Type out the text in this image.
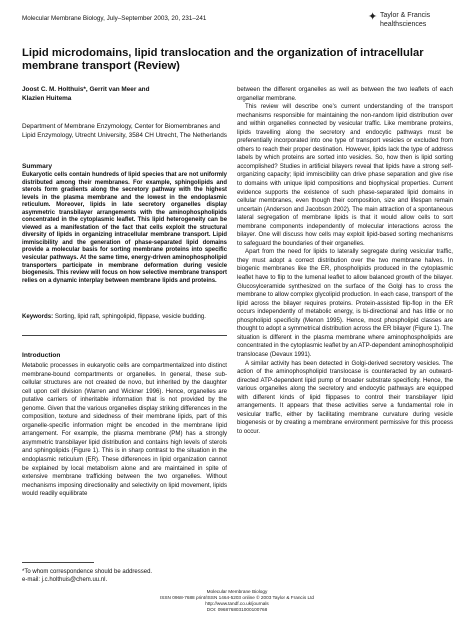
Molecular Membrane Biology, July–September 2003, 20, 231–241	✦ Taylor & Francis
healthsciences
Lipid microdomains, lipid translocation and the organization of intracellular membrane transport (Review)
Joost C. M. Holthuis*, Gerrit van Meer and
Klazien Huitema
Department of Membrane Enzymology, Center for Biomembranes and Lipid Enzymology, Utrecht University, 3584 CH Utrecht, The Netherlands
Summary
Eukaryotic cells contain hundreds of lipid species that are not uniformly distributed among their membranes. For example, sphingolipids and sterols form gradients along the secretory pathway with the highest levels in the plasma membrane and the lowest in the endoplasmic reticulum. Moreover, lipids in late secretory organelles display asymmetric transbilayer arrangements with the aminophospholipids concentrated in the cytoplasmic leaflet. This lipid heterogeneity can be viewed as a manifestation of the fact that cells exploit the structural diversity of lipids in organizing intracellular membrane transport. Lipid immiscibility and the generation of phase-separated lipid domains provide a molecular basis for sorting membrane proteins into specific vesicular pathways. At the same time, energy-driven aminophospholipid transporters participate in membrane deformation during vesicle biogenesis. This review will focus on how selective membrane transport relies on a dynamic interplay between membrane lipids and proteins.
Keywords: Sorting, lipid raft, sphingolipid, flippase, vesicle budding.
Introduction
Metabolic processes in eukaryotic cells are compartmentalized into distinct membrane-bound compartments or organelles. In general, these sub-cellular structures are not created de novo, but inherited by the daughter cell upon cell division (Warren and Wickner 1996). Hence, organelles are putative carriers of inheritable information that is not provided by the genome. Given that the various organelles display striking differences in the composition, texture and sidedness of their membrane lipids, part of this organelle-specific information might be encoded in the membrane lipid arrangement. For example, the plasma membrane (PM) has a strongly asymmetric transbilayer lipid distribution and contains high levels of sterols and sphingolipids (Figure 1). This is in sharp contrast to the situation in the endoplasmic reticulum (ER). These differences in lipid organization cannot be explained by local metabolism alone and are maintained in spite of extensive membrane trafficking between the two organelles. Without mechanisms imposing directionality and selectivity on lipid movement, lipids would readily equilibrate
*To whom correspondence should be addressed.
e-mail: j.c.holthuis@chem.uu.nl.

between the different organelles as well as between the two leaflets of each organellar membrane.

This review will describe one’s current understanding of the transport mechanisms responsible for maintaining the non-random lipid distribution over and within organelles connected by vesicular traffic. Like membrane proteins, lipids travelling along the secretory and endocytic pathways must be preferentially incorporated into one type of transport vesicles or excluded from others to reach their proper destination. However, lipids lack the type of address labels by which proteins are sorted into vesicles. So, how then is lipid sorting accomplished? Studies in artificial bilayers reveal that lipids have a strong self-organizing capacity; lipid immiscibility can drive phase separation and give rise to domains with unique lipid compositions and biophysical properties. Current evidence supports the existence of such phase-separated lipid domains in cellular membranes, even though their composition, size and lifespan remain uncertain (Anderson and Jacobson 2002). The main attraction of a spontaneous lateral segregation of membrane lipids is that it would allow cells to sort membrane components independently of molecular interactions across the bilayer. One will discuss how cells may exploit lipid-based sorting mechanisms to safeguard the boundaries of their organelles.

Apart from the need for lipids to laterally segregate during vesicular traffic, they must adopt a correct distribution over the two membrane halves. In biogenic membranes like the ER, phospholipids produced in the cytoplasmic leaflet have to flip to the lumenal leaflet to allow balanced growth of the bilayer. Glucosylceramide synthesized on the surface of the Golgi has to cross the membrane to allow complex glycolipid production. In each case, transport of the lipid across the bilayer requires proteins. Protein-assisted flip-flop in the ER occurs independently of metabolic energy, is bi-directional and has little or no phospholipid specificity (Menon 1995). Hence, most phospholipid classes are thought to adopt a symmetrical distribution across the ER bilayer (Figure 1). The situation is different in the plasma membrane where aminophospholipids are concentrated in the cytoplasmic leaflet by an ATP-dependent aminophospholipid translocase (Devaux 1991).

A similar activity has been detected in Golgi-derived secretory vesicles. The action of the aminophospholipid translocase is counteracted by an outward-directed ATP-dependent lipid pump of broader substrate specificity. Hence, the various organelles along the secretory and endocytic pathways are equipped with different kinds of lipid flippases to control their transbilayer lipid arrangements. It appears that these activities serve a fundamental role in vesicular traffic, either by facilitating membrane curvature during vesicle biogenesis or by creating a membrane environment permissive for this process to occur.

Molecular Membrane Biology
ISSN 0968-7688 print/ISSN 1464-5203 online © 2003 Taylor & Francis Ltd
http://www.tandf.co.uk/journals
DOI: 0968768031000100768
